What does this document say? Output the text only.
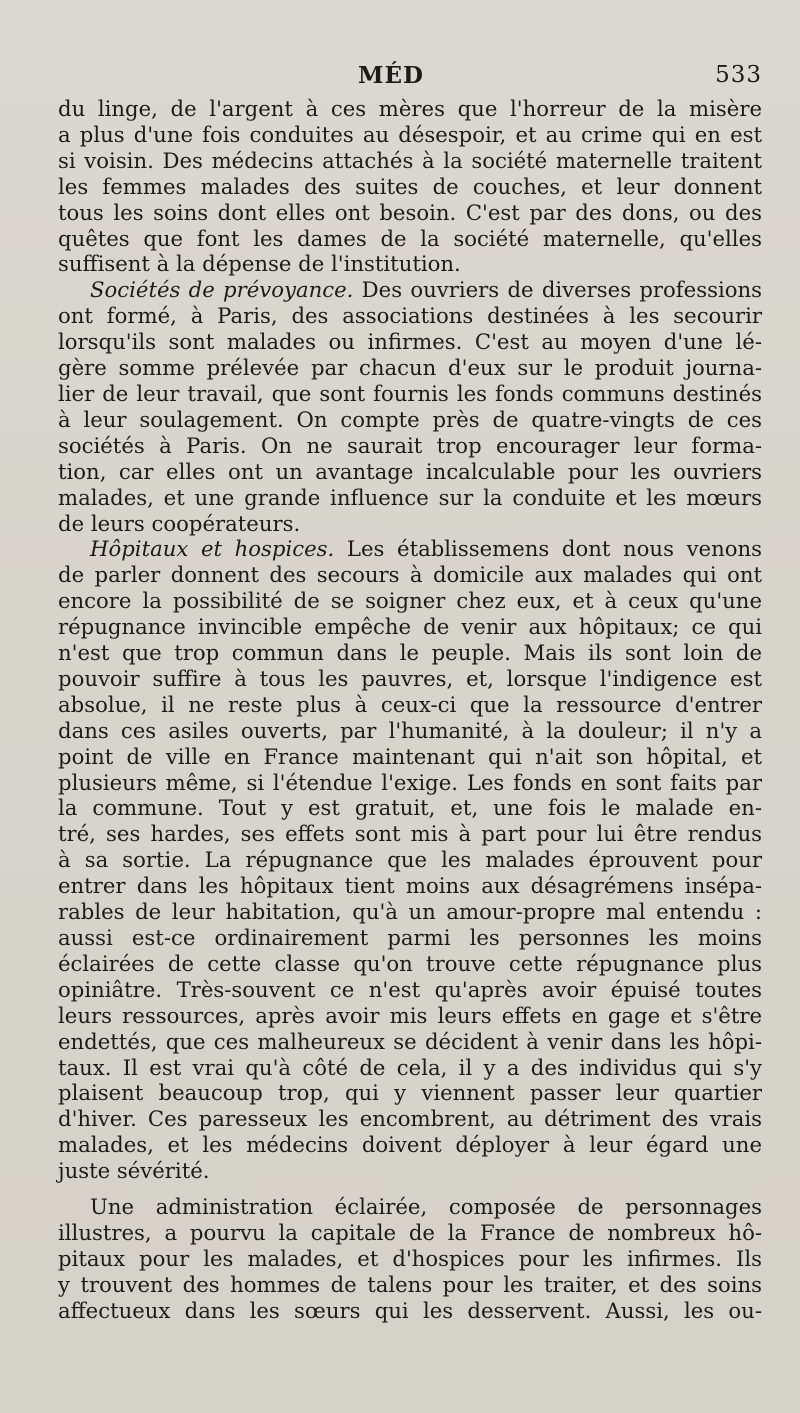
MÉD	533
du linge, de l'argent à ces mères que l'horreur de la misère
a plus d'une fois conduites au désespoir, et au crime qui en est
si voisin. Des médecins attachés à la société maternelle traitent
les femmes malades des suites de couches, et leur donnent
tous les soins dont elles ont besoin. C'est par des dons, ou des
quêtes que font les dames de la société maternelle, qu'elles
suffisent à la dépense de l'institution.
Sociétés de prévoyance. Des ouvriers de diverses professions
ont formé, à Paris, des associations destinées à les secourir
lorsqu'ils sont malades ou infirmes. C'est au moyen d'une lé-
gère somme prélevée par chacun d'eux sur le produit journa-
lier de leur travail, que sont fournis les fonds communs destinés
à leur soulagement. On compte près de quatre-vingts de ces
sociétés à Paris. On ne saurait trop encourager leur forma-
tion, car elles ont un avantage incalculable pour les ouvriers
malades, et une grande influence sur la conduite et les mœurs
de leurs coopérateurs.
Hôpitaux et hospices. Les établissemens dont nous venons
de parler donnent des secours à domicile aux malades qui ont
encore la possibilité de se soigner chez eux, et à ceux qu'une
répugnance invincible empêche de venir aux hôpitaux; ce qui
n'est que trop commun dans le peuple. Mais ils sont loin de
pouvoir suffire à tous les pauvres, et, lorsque l'indigence est
absolue, il ne reste plus à ceux-ci que la ressource d'entrer
dans ces asiles ouverts, par l'humanité, à la douleur; il n'y a
point de ville en France maintenant qui n'ait son hôpital, et
plusieurs même, si l'étendue l'exige. Les fonds en sont faits par
la commune. Tout y est gratuit, et, une fois le malade en-
tré, ses hardes, ses effets sont mis à part pour lui être rendus
à sa sortie. La répugnance que les malades éprouvent pour
entrer dans les hôpitaux tient moins aux désagrémens insépa-
rables de leur habitation, qu'à un amour-propre mal entendu :
aussi est-ce ordinairement parmi les personnes les moins
éclairées de cette classe qu'on trouve cette répugnance plus
opiniâtre. Très-souvent ce n'est qu'après avoir épuisé toutes
leurs ressources, après avoir mis leurs effets en gage et s'être
endettés, que ces malheureux se décident à venir dans les hôpi-
taux. Il est vrai qu'à côté de cela, il y a des individus qui s'y
plaisent beaucoup trop, qui y viennent passer leur quartier
d'hiver. Ces paresseux les encombrent, au détriment des vrais
malades, et les médecins doivent déployer à leur égard une
juste sévérité.
Une administration éclairée, composée de personnages
illustres, a pourvu la capitale de la France de nombreux hô-
pitaux pour les malades, et d'hospices pour les infirmes. Ils
y trouvent des hommes de talens pour les traiter, et des soins
affectueux dans les sœurs qui les desservent. Aussi, les ou-
